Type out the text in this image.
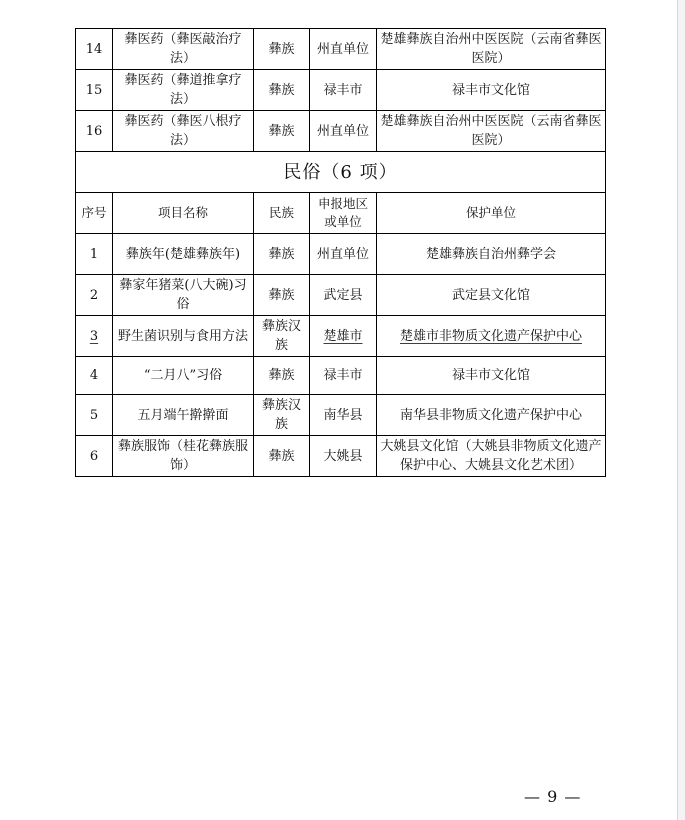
14	彝医药（彝医敲治疗法）	彝族	州直单位	楚雄彝族自治州中医医院（云南省彝医医院）
15	彝医药（彝道推拿疗法）	彝族	禄丰市	禄丰市文化馆
16	彝医药（彝医八根疗法）	彝族	州直单位	楚雄彝族自治州中医医院（云南省彝医医院）
民俗（6 项）				
序号	项目名称	民族	申报地区或单位	保护单位
1	彝族年(楚雄彝族年)	彝族	州直单位	楚雄彝族自治州彝学会
2	彝家年猪菜(八大碗)习俗	彝族	武定县	武定县文化馆
3	野生菌识别与食用方法	彝族汉族	楚雄市	楚雄市非物质文化遗产保护中心
4	“二月八”习俗	彝族	禄丰市	禄丰市文化馆
5	五月端午擀擀面	彝族汉族	南华县	南华县非物质文化遗产保护中心
6	彝族服饰（桂花彝族服饰）	彝族	大姚县	大姚县文化馆（大姚县非物质文化遗产保护中心、大姚县文化艺术团）
— 9 —
